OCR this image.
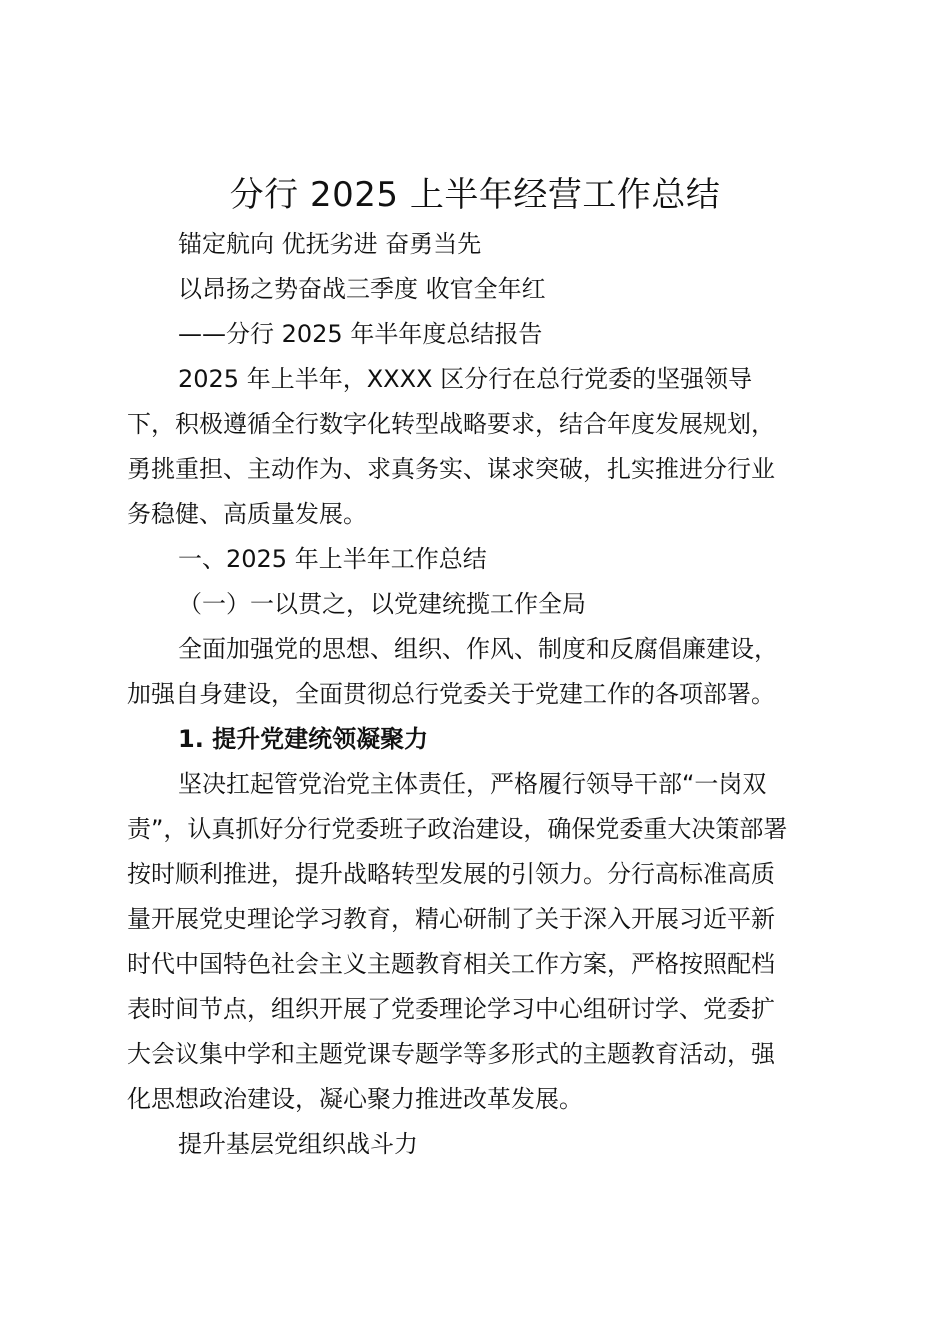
分行 2025 上半年经营工作总结

锚定航向 优抚劣进 奋勇当先

以昂扬之势奋战三季度 收官全年红

——分行 2025 年半年度总结报告

2025 年上半年，XXXX 区分行在总行党委的坚强领导

下，积极遵循全行数字化转型战略要求，结合年度发展规划，

勇挑重担、主动作为、求真务实、谋求突破，扎实推进分行业

务稳健、高质量发展。

一、2025 年上半年工作总结

（一）一以贯之，以党建统揽工作全局

全面加强党的思想、组织、作风、制度和反腐倡廉建设，

加强自身建设，全面贯彻总行党委关于党建工作的各项部署。

1. 提升党建统领凝聚力

坚决扛起管党治党主体责任，严格履行领导干部“一岗双

责”，认真抓好分行党委班子政治建设，确保党委重大决策部署

按时顺利推进，提升战略转型发展的引领力。分行高标准高质

量开展党史理论学习教育，精心研制了关于深入开展习近平新

时代中国特色社会主义主题教育相关工作方案，严格按照配档

表时间节点，组织开展了党委理论学习中心组研讨学、党委扩

大会议集中学和主题党课专题学等多形式的主题教育活动，强

化思想政治建设，凝心聚力推进改革发展。

提升基层党组织战斗力
